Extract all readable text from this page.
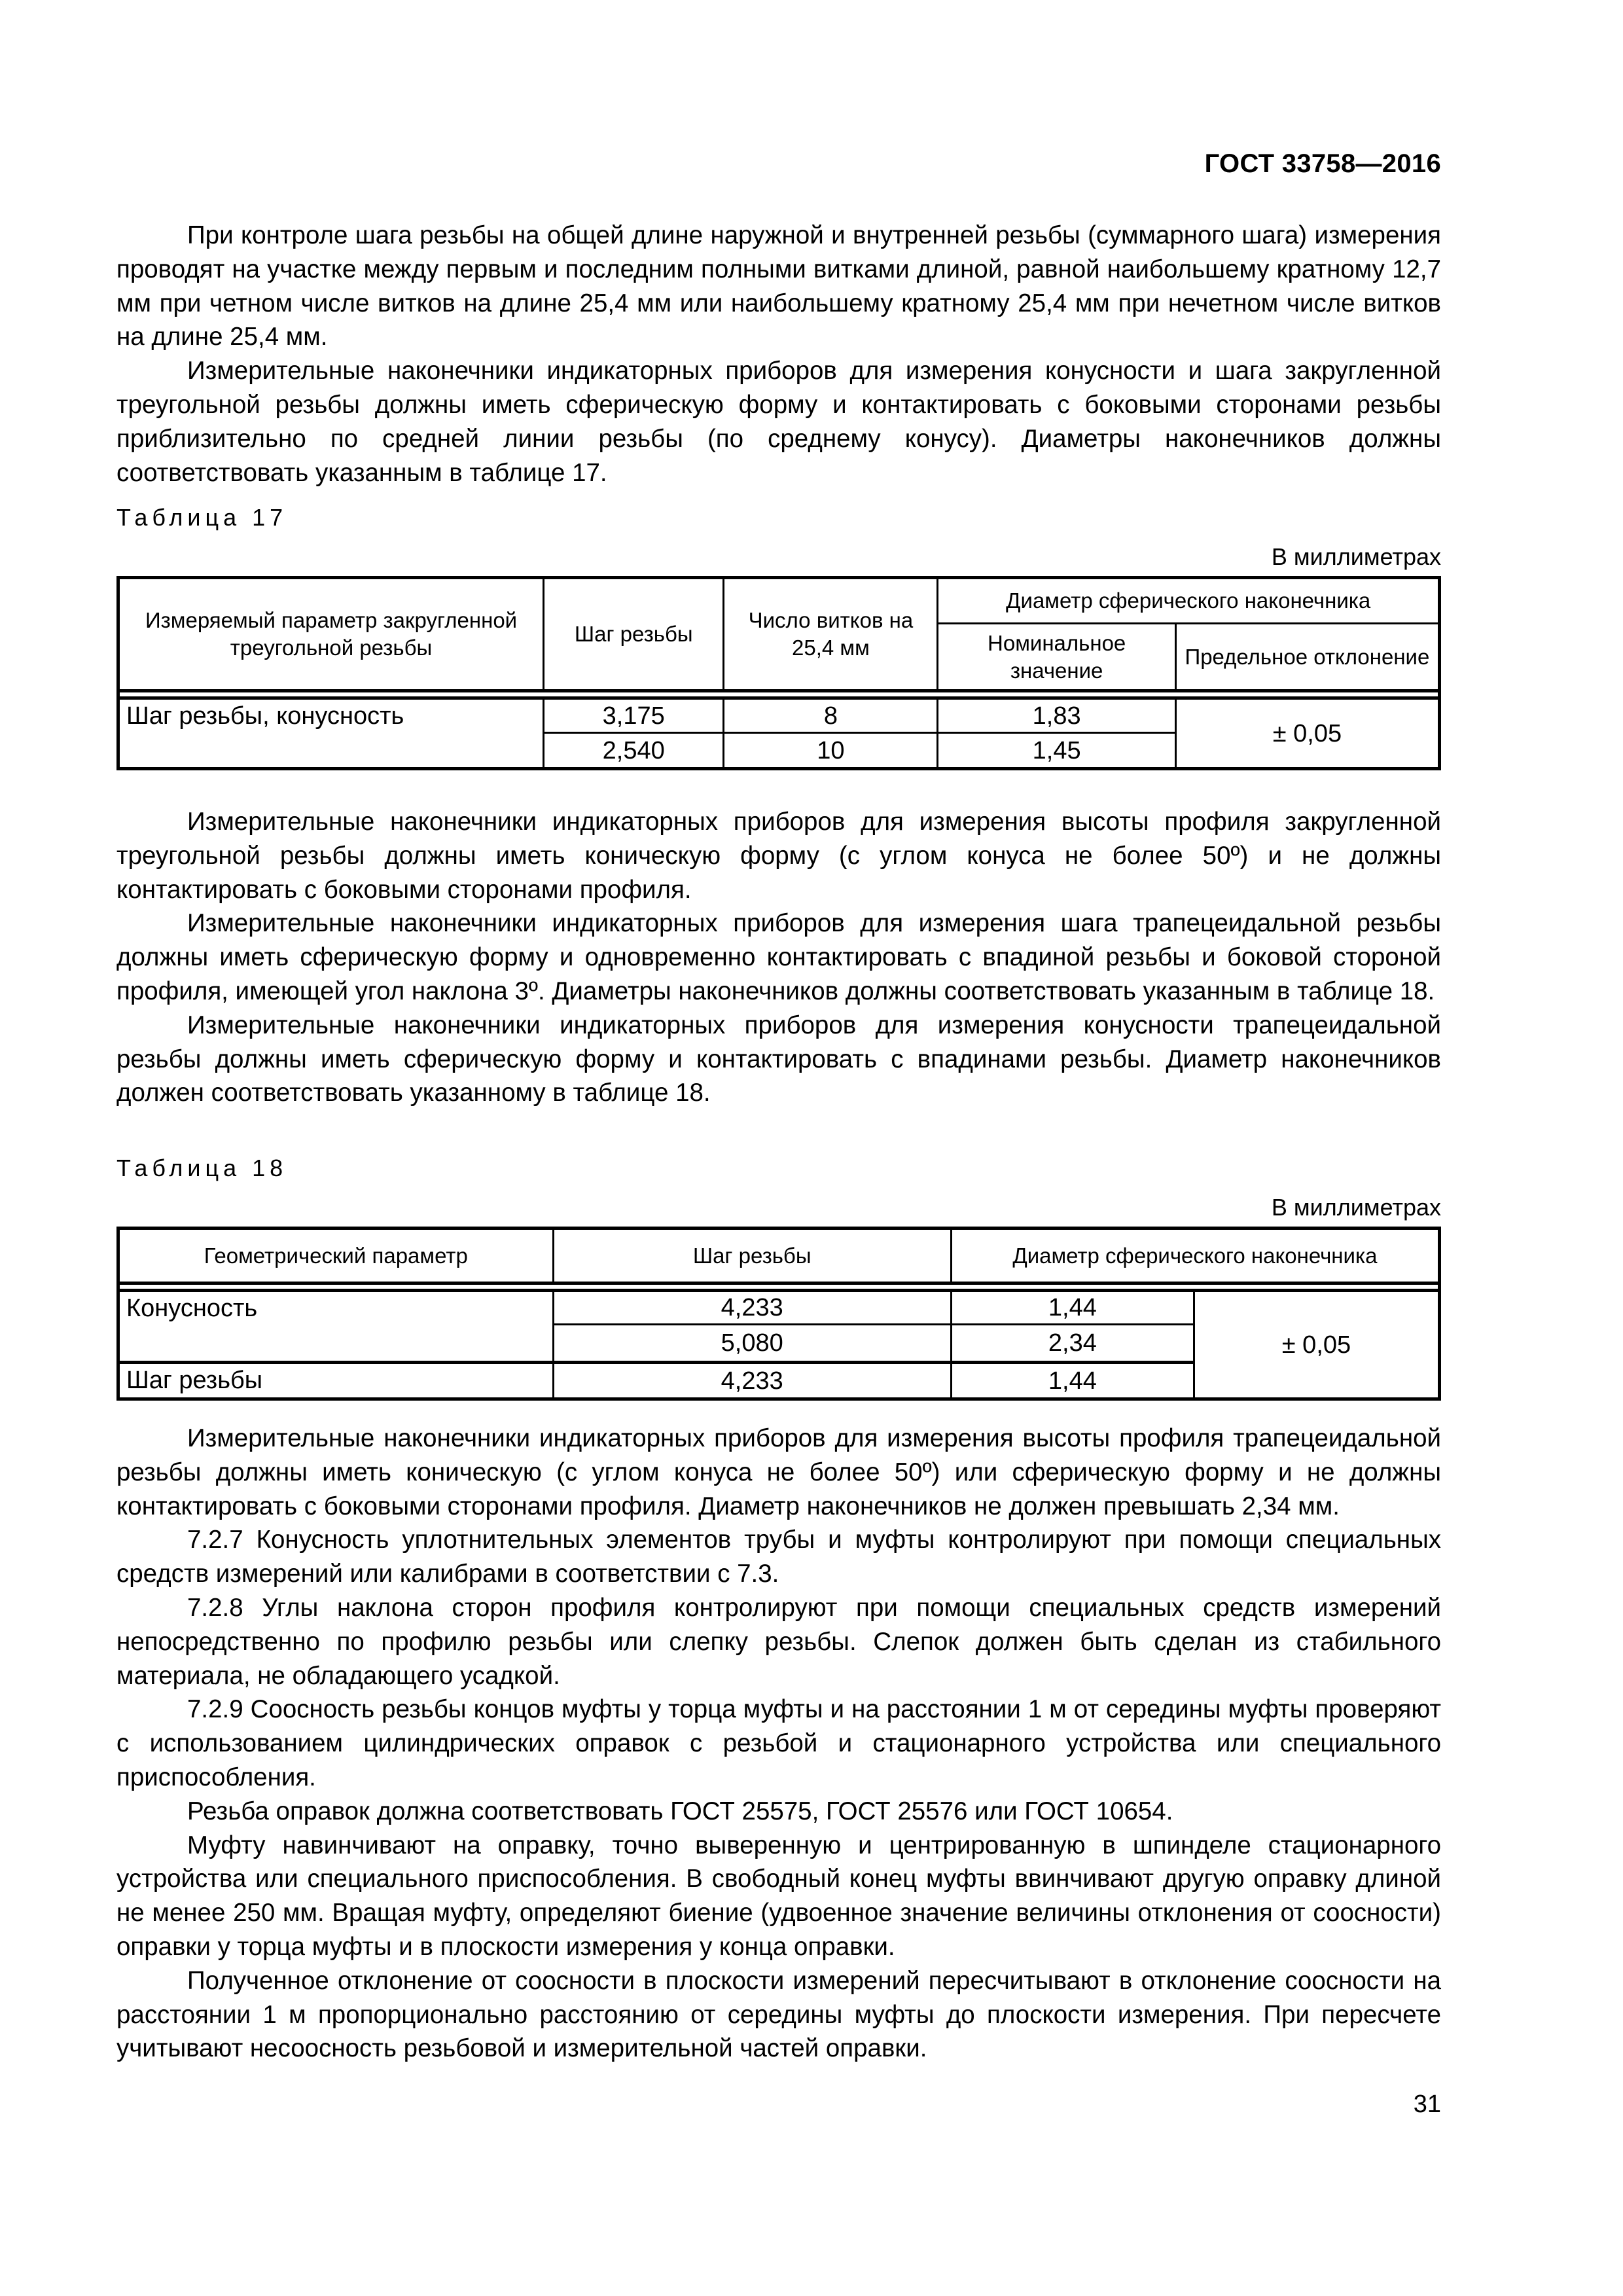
ГОСТ 33758—2016

При контроле шага резьбы на общей длине наружной и внутренней резьбы (суммарного шага) измерения проводят на участке между первым и последним полными витками длиной, равной наибольшему кратному 12,7 мм при четном числе витков на длине 25,4 мм или наибольшему кратному 25,4 мм при нечетном числе витков на длине 25,4 мм.

Измерительные наконечники индикаторных приборов для измерения конусности и шага закругленной треугольной резьбы должны иметь сферическую форму и контактировать с боковыми сторонами резьбы приблизительно по средней линии резьбы (по среднему конусу). Диаметры наконечников должны соответствовать указанным в таблице 17.

Таблица 17

В миллиметрах

Измеряемый параметр закругленной треугольной резьбы	Шаг резьбы	Число витков на 25,4 мм	Диаметр сферического наконечника	
			Номинальное значение	Предельное отклонение

Шаг резьбы, конусность	3,175	8	1,83	± 0,05
	2,540	10	1,45	

Измерительные наконечники индикаторных приборов для измерения высоты профиля закругленной треугольной резьбы должны иметь коническую форму (с углом конуса не более 50º) и не должны контактировать с боковыми сторонами профиля.

Измерительные наконечники индикаторных приборов для измерения шага трапецеидальной резьбы должны иметь сферическую форму и одновременно контактировать с впадиной резьбы и боковой стороной профиля, имеющей угол наклона 3º. Диаметры наконечников должны соответствовать указанным в таблице 18.

Измерительные наконечники индикаторных приборов для измерения конусности трапецеидальной резьбы должны иметь сферическую форму и контактировать с впадинами резьбы. Диаметр наконечников должен соответствовать указанному в таблице 18.

Таблица 18

В миллиметрах

Геометрический параметр	Шаг резьбы	Диаметр сферического наконечника	

Конусность	4,233	1,44	± 0,05
	5,080	2,34	
Шаг резьбы	4,233	1,44	

Измерительные наконечники индикаторных приборов для измерения высоты профиля трапецеидальной резьбы должны иметь коническую (с углом конуса не более 50º) или сферическую форму и не должны контактировать с боковыми сторонами профиля. Диаметр наконечников не должен превышать 2,34 мм.

7.2.7 Конусность уплотнительных элементов трубы и муфты контролируют при помощи специальных средств измерений или калибрами в соответствии с 7.3.

7.2.8 Углы наклона сторон профиля контролируют при помощи специальных средств измерений непосредственно по профилю резьбы или слепку резьбы. Слепок должен быть сделан из стабильного материала, не обладающего усадкой.

7.2.9 Соосность резьбы концов муфты у торца муфты и на расстоянии 1 м от середины муфты проверяют с использованием цилиндрических оправок с резьбой и стационарного устройства или специального приспособления.

Резьба оправок должна соответствовать ГОСТ 25575, ГОСТ 25576 или ГОСТ 10654.

Муфту навинчивают на оправку, точно выверенную и центрированную в шпинделе стационарного устройства или специального приспособления. В свободный конец муфты ввинчивают другую оправку длиной не менее 250 мм. Вращая муфту, определяют биение (удвоенное значение величины отклонения от соосности) оправки у торца муфты и в плоскости измерения у конца оправки.

Полученное отклонение от соосности в плоскости измерений пересчитывают в отклонение соосности на расстоянии 1 м пропорционально расстоянию от середины муфты до плоскости измерения. При пересчете учитывают несоосность резьбовой и измерительной частей оправки.

31
